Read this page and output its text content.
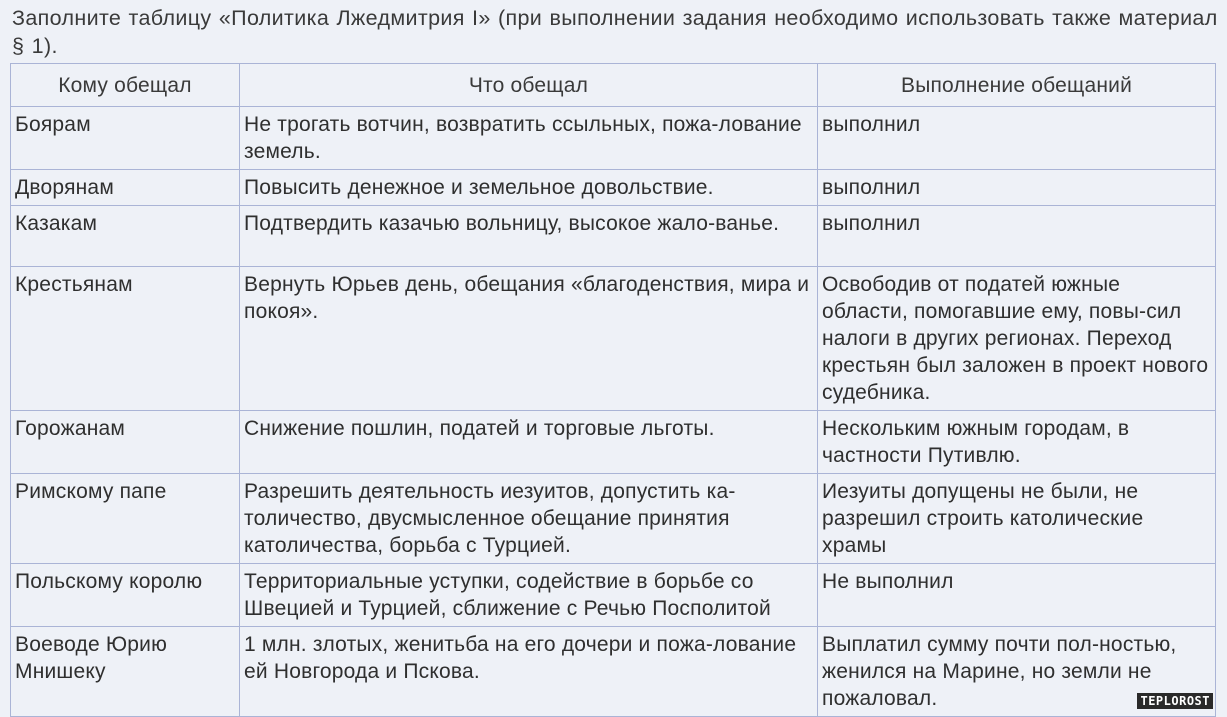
Заполните таблицу «Политика Лжедмитрия I» (при выполнении задания необходимо использовать также материал § 1).
Кому обещал	Что обещал	Выполнение обещаний
Боярам	Не трогать вотчин, возвратить ссыльных, пожа-лование земель.	выполнил
Дворянам	Повысить денежное и земельное довольствие.	выполнил
Казакам	Подтвердить казачью вольницу, высокое жало-ванье.	выполнил
Крестьянам	Вернуть Юрьев день, обещания «благоденствия, мира и покоя».	Освободив от податей южные области, помогавшие ему, повы-сил налоги в других регионах. Переход крестьян был заложен в проект нового судебника.
Горожанам	Снижение пошлин, податей и торговые льготы.	Нескольким южным городам, в частности Путивлю.
Римскому папе	Разрешить деятельность иезуитов, допустить ка-толичество, двусмысленное обещание принятия католичества, борьба с Турцией.	Иезуиты допущены не были, не разрешил строить католические храмы
Польскому королю	Территориальные уступки, содействие в борьбе со Швецией и Турцией, сближение с Речью Посполитой	Не выполнил
Воеводе Юрию Мнишеку	1 млн. злотых, женитьба на его дочери и пожа-лование ей Новгорода и Пскова.	Выплатил сумму почти пол-ностью, женился на Марине, но земли не пожаловал.	TEPLOROST
